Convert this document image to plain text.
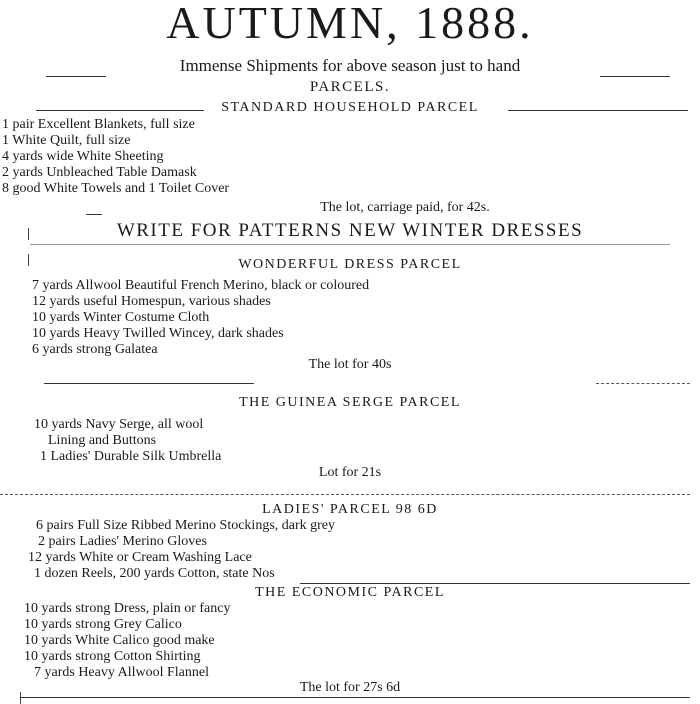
AUTUMN, 1888.
Immense Shipments for above season just to hand
PARCELS.
STANDARD HOUSEHOLD PARCEL
1 pair Excellent Blankets, full size
1 White Quilt, full size
4 yards wide White Sheeting
2 yards Unbleached Table Damask
8 good White Towels and 1 Toilet Cover
The lot, carriage paid, for 42s.
WRITE FOR PATTERNS NEW WINTER DRESSES
WONDERFUL DRESS PARCEL
7 yards Allwool Beautiful French Merino, black or coloured
12 yards useful Homespun, various shades
10 yards Winter Costume Cloth
10 yards Heavy Twilled Wincey, dark shades
6 yards strong Galatea
The lot for 40s
THE GUINEA SERGE PARCEL
10 yards Navy Serge, all wool
Lining and Buttons
1 Ladies' Durable Silk Umbrella
Lot for 21s
LADIES' PARCEL 98 6D
6 pairs Full Size Ribbed Merino Stockings, dark grey
2 pairs Ladies' Merino Gloves
12 yards White or Cream Washing Lace
1 dozen Reels, 200 yards Cotton, state Nos
THE ECONOMIC PARCEL
10 yards strong Dress, plain or fancy
10 yards strong Grey Calico
10 yards White Calico good make
10 yards strong Cotton Shirting
7 yards Heavy Allwool Flannel
The lot for 27s 6d
